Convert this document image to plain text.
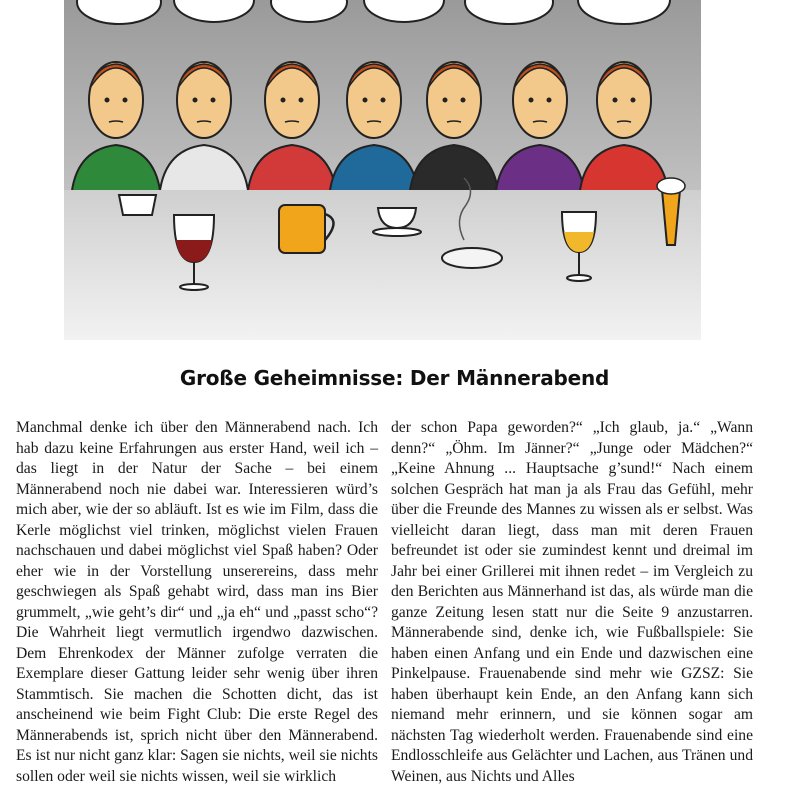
Große Geheimnisse: Der Männerabend

Manchmal denke ich über den Männerabend nach. Ich hab dazu keine Erfahrungen aus erster Hand, weil ich – das liegt in der Natur der Sache – bei einem Männerabend noch nie dabei war. Interessieren würd’s mich aber, wie der so abläuft. Ist es wie im Film, dass die Kerle möglichst viel trinken, möglichst vielen Frauen nachschauen und dabei möglichst viel Spaß haben? Oder eher wie in der Vorstellung unserereins, dass mehr geschwiegen als Spaß gehabt wird, dass man ins Bier grummelt, „wie geht’s dir“ und „ja eh“ und „passt scho“? Die Wahrheit liegt vermutlich irgendwo dazwischen. Dem Ehrenkodex der Männer zufolge verraten die Exemplare dieser Gattung leider sehr wenig über ihren Stammtisch. Sie machen die Schotten dicht, das ist anscheinend wie beim Fight Club: Die erste Regel des Männerabends ist, sprich nicht über den Männerabend. Es ist nur nicht ganz klar: Sagen sie nichts, weil sie nichts sollen oder weil sie nichts wissen, weil sie wirklich

der schon Papa geworden?“ „Ich glaub, ja.“ „Wann denn?“ „Öhm. Im Jänner?“ „Junge oder Mädchen?“ „Keine Ahnung ... Hauptsache g’sund!“ Nach einem solchen Gespräch hat man ja als Frau das Gefühl, mehr über die Freunde des Mannes zu wissen als er selbst. Was vielleicht daran liegt, dass man mit deren Frauen befreundet ist oder sie zumindest kennt und dreimal im Jahr bei einer Grillerei mit ihnen redet – im Vergleich zu den Berichten aus Männerhand ist das, als würde man die ganze Zeitung lesen statt nur die Seite 9 anzustarren. Männerabende sind, denke ich, wie Fußballspiele: Sie haben einen Anfang und ein Ende und dazwischen eine Pinkelpause. Frauenabende sind mehr wie GZSZ: Sie haben überhaupt kein Ende, an den Anfang kann sich niemand mehr erinnern, und sie können sogar am nächsten Tag wiederholt werden. Frauenabende sind eine Endlosschleife aus Gelächter und Lachen, aus Tränen und Weinen, aus Nichts und Alles
